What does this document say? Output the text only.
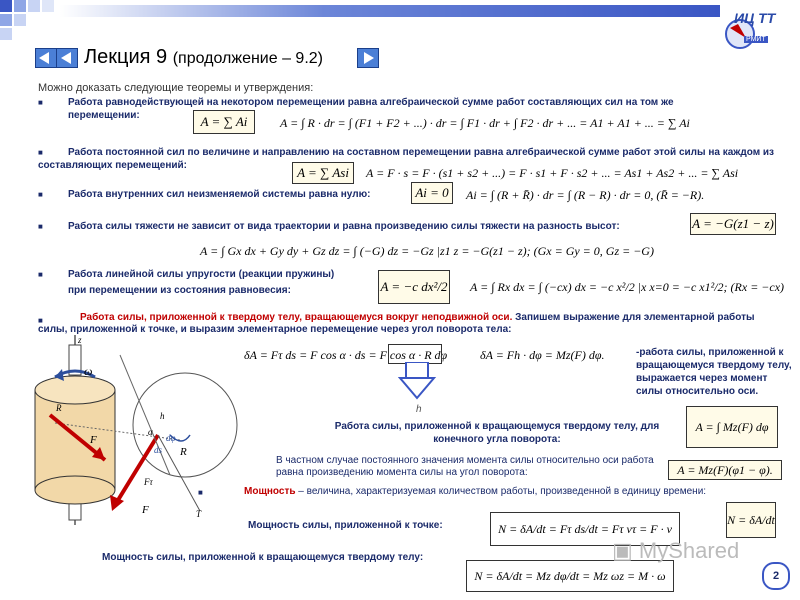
ИЦ ТТ
РМИТ
Лекция 9 (продолжение – 9.2)
Можно доказать следующие теоремы и утверждения:
■	Работа равнодействующей на некотором перемещении равна алгебраической сумме работ составляющих сил на том же перемещении:	A = ∑ Ai	A = ∫ R · dr = ∫ (F1 + F2 + ...) · dr = ∫ F1 · dr + ∫ F2 · dr + ... = A1 + A1 + ... = ∑ Ai
■	Работа постоянной сил по величине и направлению на составном перемещении равна алгебраической сумме работ этой силы на каждом из составляющих перемещений:	A = ∑ Asi	A = F · s = F · (s1 + s2 + ...) = F · s1 + F · s2 + ... = As1 + As2 + ... = ∑ Asi
■	Работа внутренних сил неизменяемой системы равна нулю:	Ai = 0	Ai = ∫ (R + R̄) · dr = ∫ (R − R) · dr = 0, (R̄ = −R).
■	Работа силы тяжести не зависит от вида траектории и равна произведению силы тяжести на разность высот:	A = −G(z1 − z)
A = ∫ Gx dx + Gy dy + Gz dz = ∫ (−G) dz = −Gz |z1 z = −G(z1 − z); (Gx = Gy = 0, Gz = −G)
■	Работа линейной силы упругости (реакции пружины)
при перемещении из состояния равновесия:	A = −c dx²/2 A = ∫ Rx dx = ∫ (−cx) dx = −c x²/2 |x x=0 = −c x1²/2; (Rx = −cx)
■	Работа силы, приложенной к твердому телу, вращающемуся вокруг неподвижной оси. Запишем выражение для элементарной работы силы, приложенной к точке, и выразим элементарное перемещение через угол поворота тела:
δA = Fτ ds = F cos α · ds = F cos α · R dφ	δA = Fh · dφ = Mz(F) dφ.
h
-работа силы, приложенной к вращающемуся твердому телу, выражается через момент силы относительно оси.
Работа силы, приложенной к вращающемуся твердому телу, для конечного угла поворота:
A = ∫ Mz(F) dφ
В частном случае постоянного значения момента силы относительно оси работа равна произведению момента силы на угол поворота:	A = Mz(F)(φ1 − φ).
■	Мощность – величина, характеризуемая количеством работы, произведенной в единицу времени:
N = δA/dt
Мощность силы, приложенной к точке:	N = δA/dt = Fτ ds/dt = Fτ vτ = F · v
Мощность силы, приложенной к вращающемуся твердому телу:
N = δA/dt = Mz dφ/dt = Mz ωz = M · ω
▣ MyShared
2
z
ω
R
F
h
α
dφ
ds R
Fτ
T
F
